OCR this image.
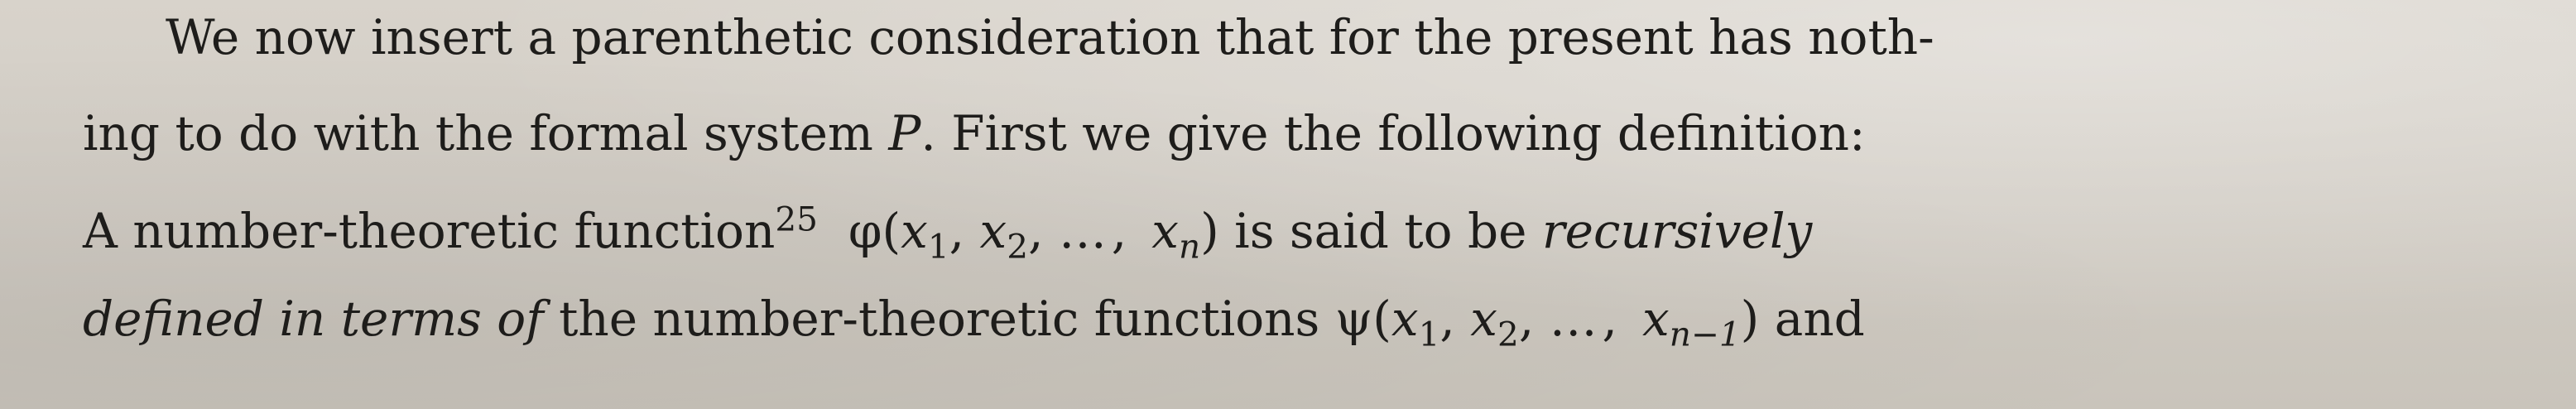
We now insert a parenthetic consideration that for the present has noth-
ing to do with the formal system P. First we give the following definition:
A number-theoretic function$^{25}$ $\varphi(x_1$, $x_2$, …, $x_n$) is said to be recursively
defined in terms of the number-theoretic functions $\psi(x_1$, $x_2$, …, $x_{n-1}$) and
